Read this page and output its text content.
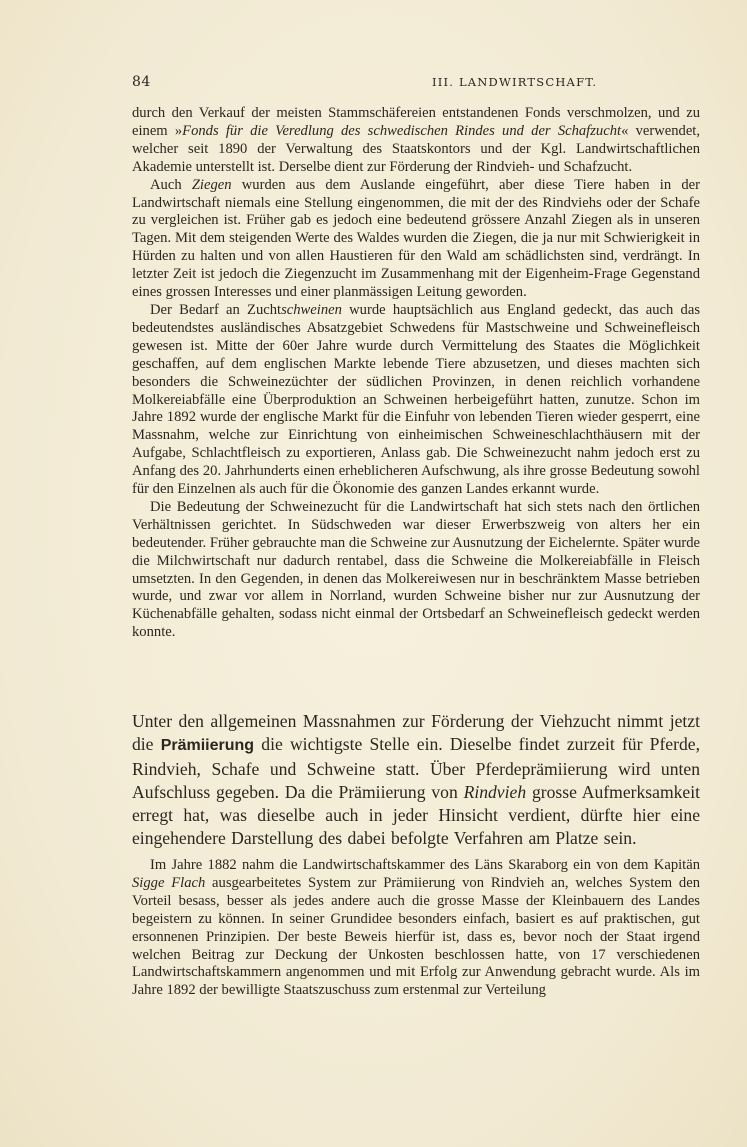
84	III. LANDWIRTSCHAFT.

durch den Verkauf der meisten Stammschäfereien entstandenen Fonds verschmolzen, und zu einem »Fonds für die Veredlung des schwedischen Rindes und der Schafzucht« verwendet, welcher seit 1890 der Verwaltung des Staatskontors und der Kgl. Landwirtschaftlichen Akademie unterstellt ist. Derselbe dient zur Förderung der Rindvieh- und Schafzucht.

Auch Ziegen wurden aus dem Auslande eingeführt, aber diese Tiere haben in der Landwirtschaft niemals eine Stellung eingenommen, die mit der des Rindviehs oder der Schafe zu vergleichen ist. Früher gab es jedoch eine bedeutend grössere Anzahl Ziegen als in unseren Tagen. Mit dem steigenden Werte des Waldes wurden die Ziegen, die ja nur mit Schwierigkeit in Hürden zu halten und von allen Haustieren für den Wald am schädlichsten sind, verdrängt. In letzter Zeit ist jedoch die Ziegenzucht im Zusammenhang mit der Eigenheim-Frage Gegenstand eines grossen Interesses und einer planmässigen Leitung geworden.

Der Bedarf an Zuchtschweinen wurde hauptsächlich aus England gedeckt, das auch das bedeutendstes ausländisches Absatzgebiet Schwedens für Mastschweine und Schweinefleisch gewesen ist. Mitte der 60er Jahre wurde durch Vermittelung des Staates die Möglichkeit geschaffen, auf dem englischen Markte lebende Tiere abzusetzen, und dieses machten sich besonders die Schweinezüchter der südlichen Provinzen, in denen reichlich vorhandene Molkereiabfälle eine Überproduktion an Schweinen herbeigeführt hatten, zunutze. Schon im Jahre 1892 wurde der englische Markt für die Einfuhr von lebenden Tieren wieder gesperrt, eine Massnahm, welche zur Einrichtung von einheimischen Schweineschlachthäusern mit der Aufgabe, Schlachtfleisch zu exportieren, Anlass gab. Die Schweinezucht nahm jedoch erst zu Anfang des 20. Jahrhunderts einen erheblicheren Aufschwung, als ihre grosse Bedeutung sowohl für den Einzelnen als auch für die Ökonomie des ganzen Landes erkannt wurde.

Die Bedeutung der Schweinezucht für die Landwirtschaft hat sich stets nach den örtlichen Verhältnissen gerichtet. In Südschweden war dieser Erwerbszweig von alters her ein bedeutender. Früher gebrauchte man die Schweine zur Ausnutzung der Eichelernte. Später wurde die Milchwirtschaft nur dadurch rentabel, dass die Schweine die Molkereiabfälle in Fleisch umsetzten. In den Gegenden, in denen das Molkereiwesen nur in beschränktem Masse betrieben wurde, und zwar vor allem in Norrland, wurden Schweine bisher nur zur Ausnutzung der Küchenabfälle gehalten, sodass nicht einmal der Ortsbedarf an Schweinefleisch gedeckt werden konnte.

Unter den allgemeinen Massnahmen zur Förderung der Viehzucht nimmt jetzt die Prämiierung die wichtigste Stelle ein. Dieselbe findet zurzeit für Pferde, Rindvieh, Schafe und Schweine statt. Über Pferdeprämiierung wird unten Aufschluss gegeben. Da die Prämiierung von Rindvieh grosse Aufmerksamkeit erregt hat, was dieselbe auch in jeder Hinsicht verdient, dürfte hier eine eingehendere Darstellung des dabei befolgte Verfahren am Platze sein.

Im Jahre 1882 nahm die Landwirtschaftskammer des Läns Skaraborg ein von dem Kapitän Sigge Flach ausgearbeitetes System zur Prämiierung von Rindvieh an, welches System den Vorteil besass, besser als jedes andere auch die grosse Masse der Kleinbauern des Landes begeistern zu können. In seiner Grundidee besonders einfach, basiert es auf praktischen, gut ersonnenen Prinzipien. Der beste Beweis hierfür ist, dass es, bevor noch der Staat irgend welchen Beitrag zur Deckung der Unkosten beschlossen hatte, von 17 verschiedenen Landwirtschaftskammern angenommen und mit Erfolg zur Anwendung gebracht wurde. Als im Jahre 1892 der bewilligte Staatszuschuss zum erstenmal zur Verteilung
